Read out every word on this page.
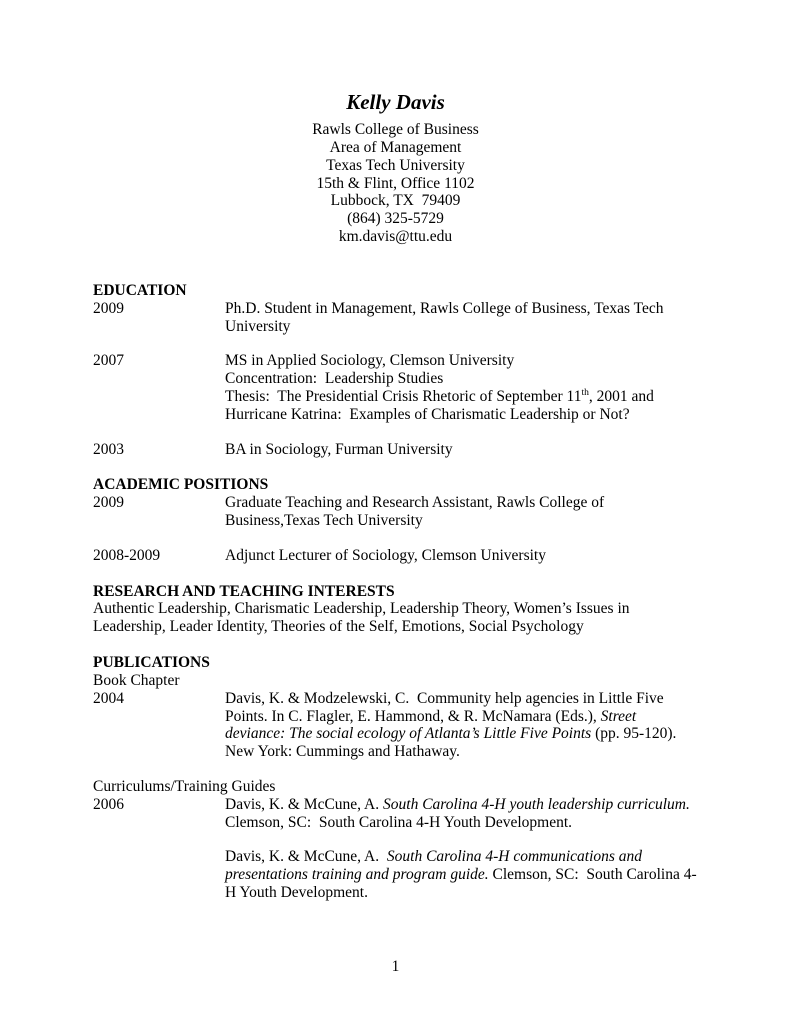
Kelly Davis

Rawls College of Business

Area of Management

Texas Tech University

15th & Flint, Office 1102

Lubbock, TX  79409

(864) 325-5729

km.davis@ttu.edu

EDUCATION
2009	Ph.D. Student in Management, Rawls College of Business, Texas Tech University

2007	MS in Applied Sociology, Clemson University

Concentration:  Leadership Studies

Thesis:  The Presidential Crisis Rhetoric of September 11th, 2001 and Hurricane Katrina:  Examples of Charismatic Leadership or Not?

2003	BA in Sociology, Furman University

ACADEMIC POSITIONS
2009	Graduate Teaching and Research Assistant, Rawls College of Business,Texas Tech University

2008-2009	Adjunct Lecturer of Sociology, Clemson University

RESEARCH AND TEACHING INTERESTS

Authentic Leadership, Charismatic Leadership, Leadership Theory, Women’s Issues in Leadership, Leader Identity, Theories of the Self, Emotions, Social Psychology

PUBLICATIONS

Book Chapter

2004	Davis, K. & Modzelewski, C.  Community help agencies in Little Five Points. In C. Flagler, E. Hammond, & R. McNamara (Eds.), Street deviance: The social ecology of Atlanta’s Little Five Points (pp. 95-120).  New York: Cummings and Hathaway.

Curriculums/Training Guides

2006	Davis, K. & McCune, A. South Carolina 4-H youth leadership curriculum. Clemson, SC:  South Carolina 4-H Youth Development.

Davis, K. & McCune, A.  South Carolina 4-H communications and presentations training and program guide. Clemson, SC:  South Carolina 4-H Youth Development.

1
